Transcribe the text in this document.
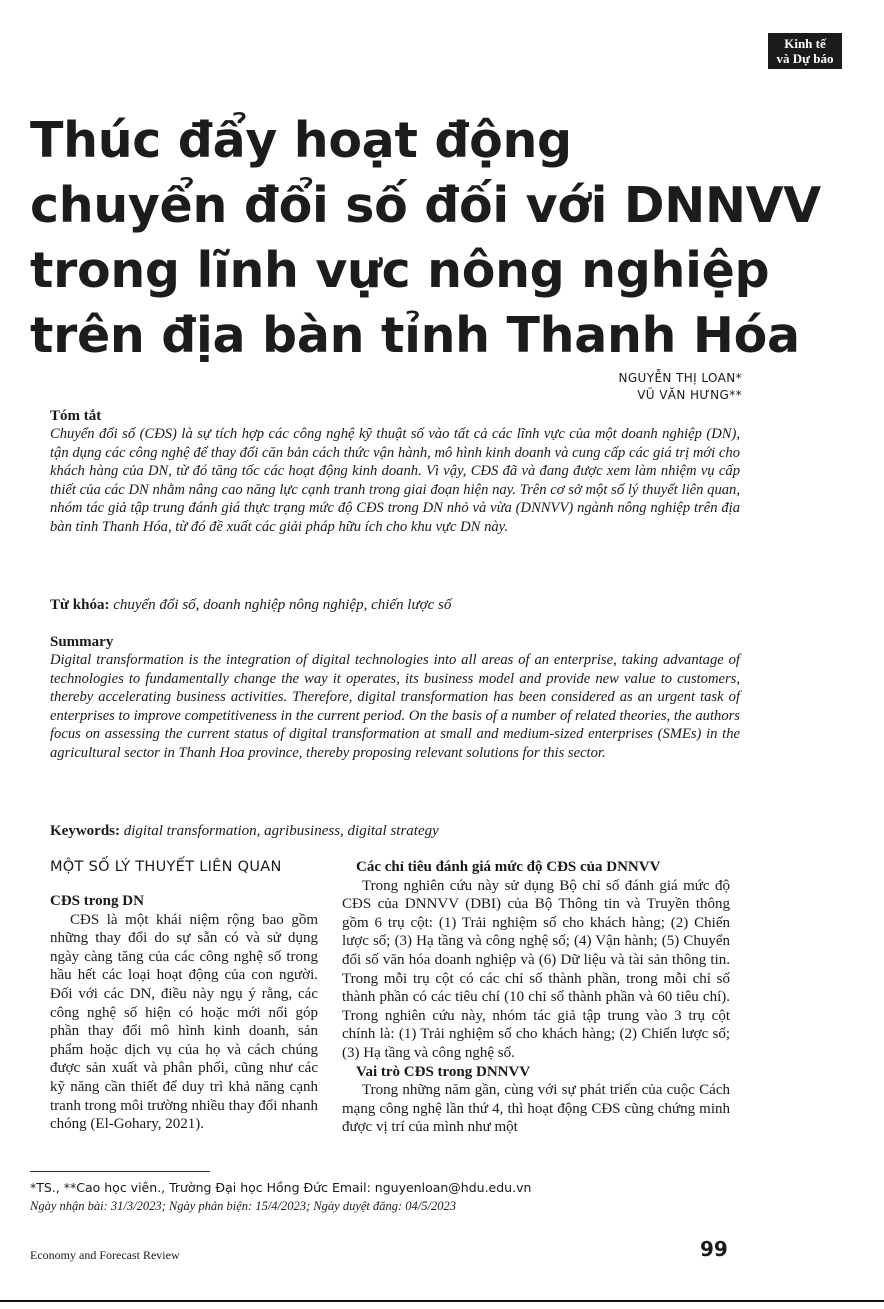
Kinh tế
và Dự báo
Thúc đẩy hoạt động
chuyển đổi số đối với DNNVV
trong lĩnh vực nông nghiệp
trên địa bàn tỉnh Thanh Hóa
NGUYỄN THỊ LOAN*
VŨ VĂN HƯNG**
Tóm tắt

Chuyển đổi số (CĐS) là sự tích hợp các công nghệ kỹ thuật số vào tất cả các lĩnh vực của một doanh nghiệp (DN), tận dụng các công nghệ để thay đổi căn bản cách thức vận hành, mô hình kinh doanh và cung cấp các giá trị mới cho khách hàng của DN, từ đó tăng tốc các hoạt động kinh doanh. Vì vậy, CĐS đã và đang được xem làm nhiệm vụ cấp thiết của các DN nhằm nâng cao năng lực cạnh tranh trong giai đoạn hiện nay. Trên cơ sở một số lý thuyết liên quan, nhóm tác giả tập trung đánh giá thực trạng mức độ CĐS trong DN nhỏ và vừa (DNNVV) ngành nông nghiệp trên địa bàn tỉnh Thanh Hóa, từ đó đề xuất các giải pháp hữu ích cho khu vực DN này.

Từ khóa: chuyển đổi số, doanh nghiệp nông nghiệp, chiến lược số
Summary

Digital transformation is the integration of digital technologies into all areas of an enterprise, taking advantage of technologies to fundamentally change the way it operates, its business model and provide new value to customers, thereby accelerating business activities. Therefore, digital transformation has been considered as an urgent task of enterprises to improve competitiveness in the current period. On the basis of a number of related theories, the authors focus on assessing the current status of digital transformation at small and medium-sized enterprises (SMEs) in the agricultural sector in Thanh Hoa province, thereby proposing relevant solutions for this sector.

Keywords: digital transformation, agribusiness, digital strategy
MỘT SỐ LÝ THUYẾT LIÊN QUAN

CĐS trong DN

CĐS là một khái niệm rộng bao gồm những thay đổi do sự sẵn có và sử dụng ngày càng tăng của các công nghệ số trong hầu hết các loại hoạt động của con người. Đối với các DN, điều này ngụ ý rằng, các công nghệ số hiện có hoặc mới nổi góp phần thay đổi mô hình kinh doanh, sản phẩm hoặc dịch vụ của họ và cách chúng được sản xuất và phân phối, cũng như các kỹ năng cần thiết để duy trì khả năng cạnh tranh trong môi trường nhiều thay đổi nhanh chóng (El-Gohary, 2021).

Các chỉ tiêu đánh giá mức độ CĐS của DNNVV

Trong nghiên cứu này sử dụng Bộ chỉ số đánh giá mức độ CĐS của DNNVV (DBI) của Bộ Thông tin và Truyền thông gồm 6 trụ cột: (1) Trải nghiệm số cho khách hàng; (2) Chiến lược số; (3) Hạ tầng và công nghệ số; (4) Vận hành; (5) Chuyển đổi số văn hóa doanh nghiệp và (6) Dữ liệu và tài sản thông tin. Trong mỗi trụ cột có các chỉ số thành phần, trong mỗi chỉ số thành phần có các tiêu chí (10 chỉ số thành phần và 60 tiêu chí). Trong nghiên cứu này, nhóm tác giả tập trung vào 3 trụ cột chính là: (1) Trải nghiệm số cho khách hàng; (2) Chiến lược số; (3) Hạ tầng và công nghệ số.

Vai trò CĐS trong DNNVV

Trong những năm gần, cùng với sự phát triển của cuộc Cách mạng công nghệ lần thứ 4, thì hoạt động CĐS cũng chứng minh được vị trí của mình như một

*TS., **Cao học viên., Trường Đại học Hồng Đức Email: nguyenloan@hdu.edu.vn
Ngày nhận bài: 31/3/2023; Ngày phản biện: 15/4/2023; Ngày duyệt đăng: 04/5/2023
Economy and Forecast Review	99
